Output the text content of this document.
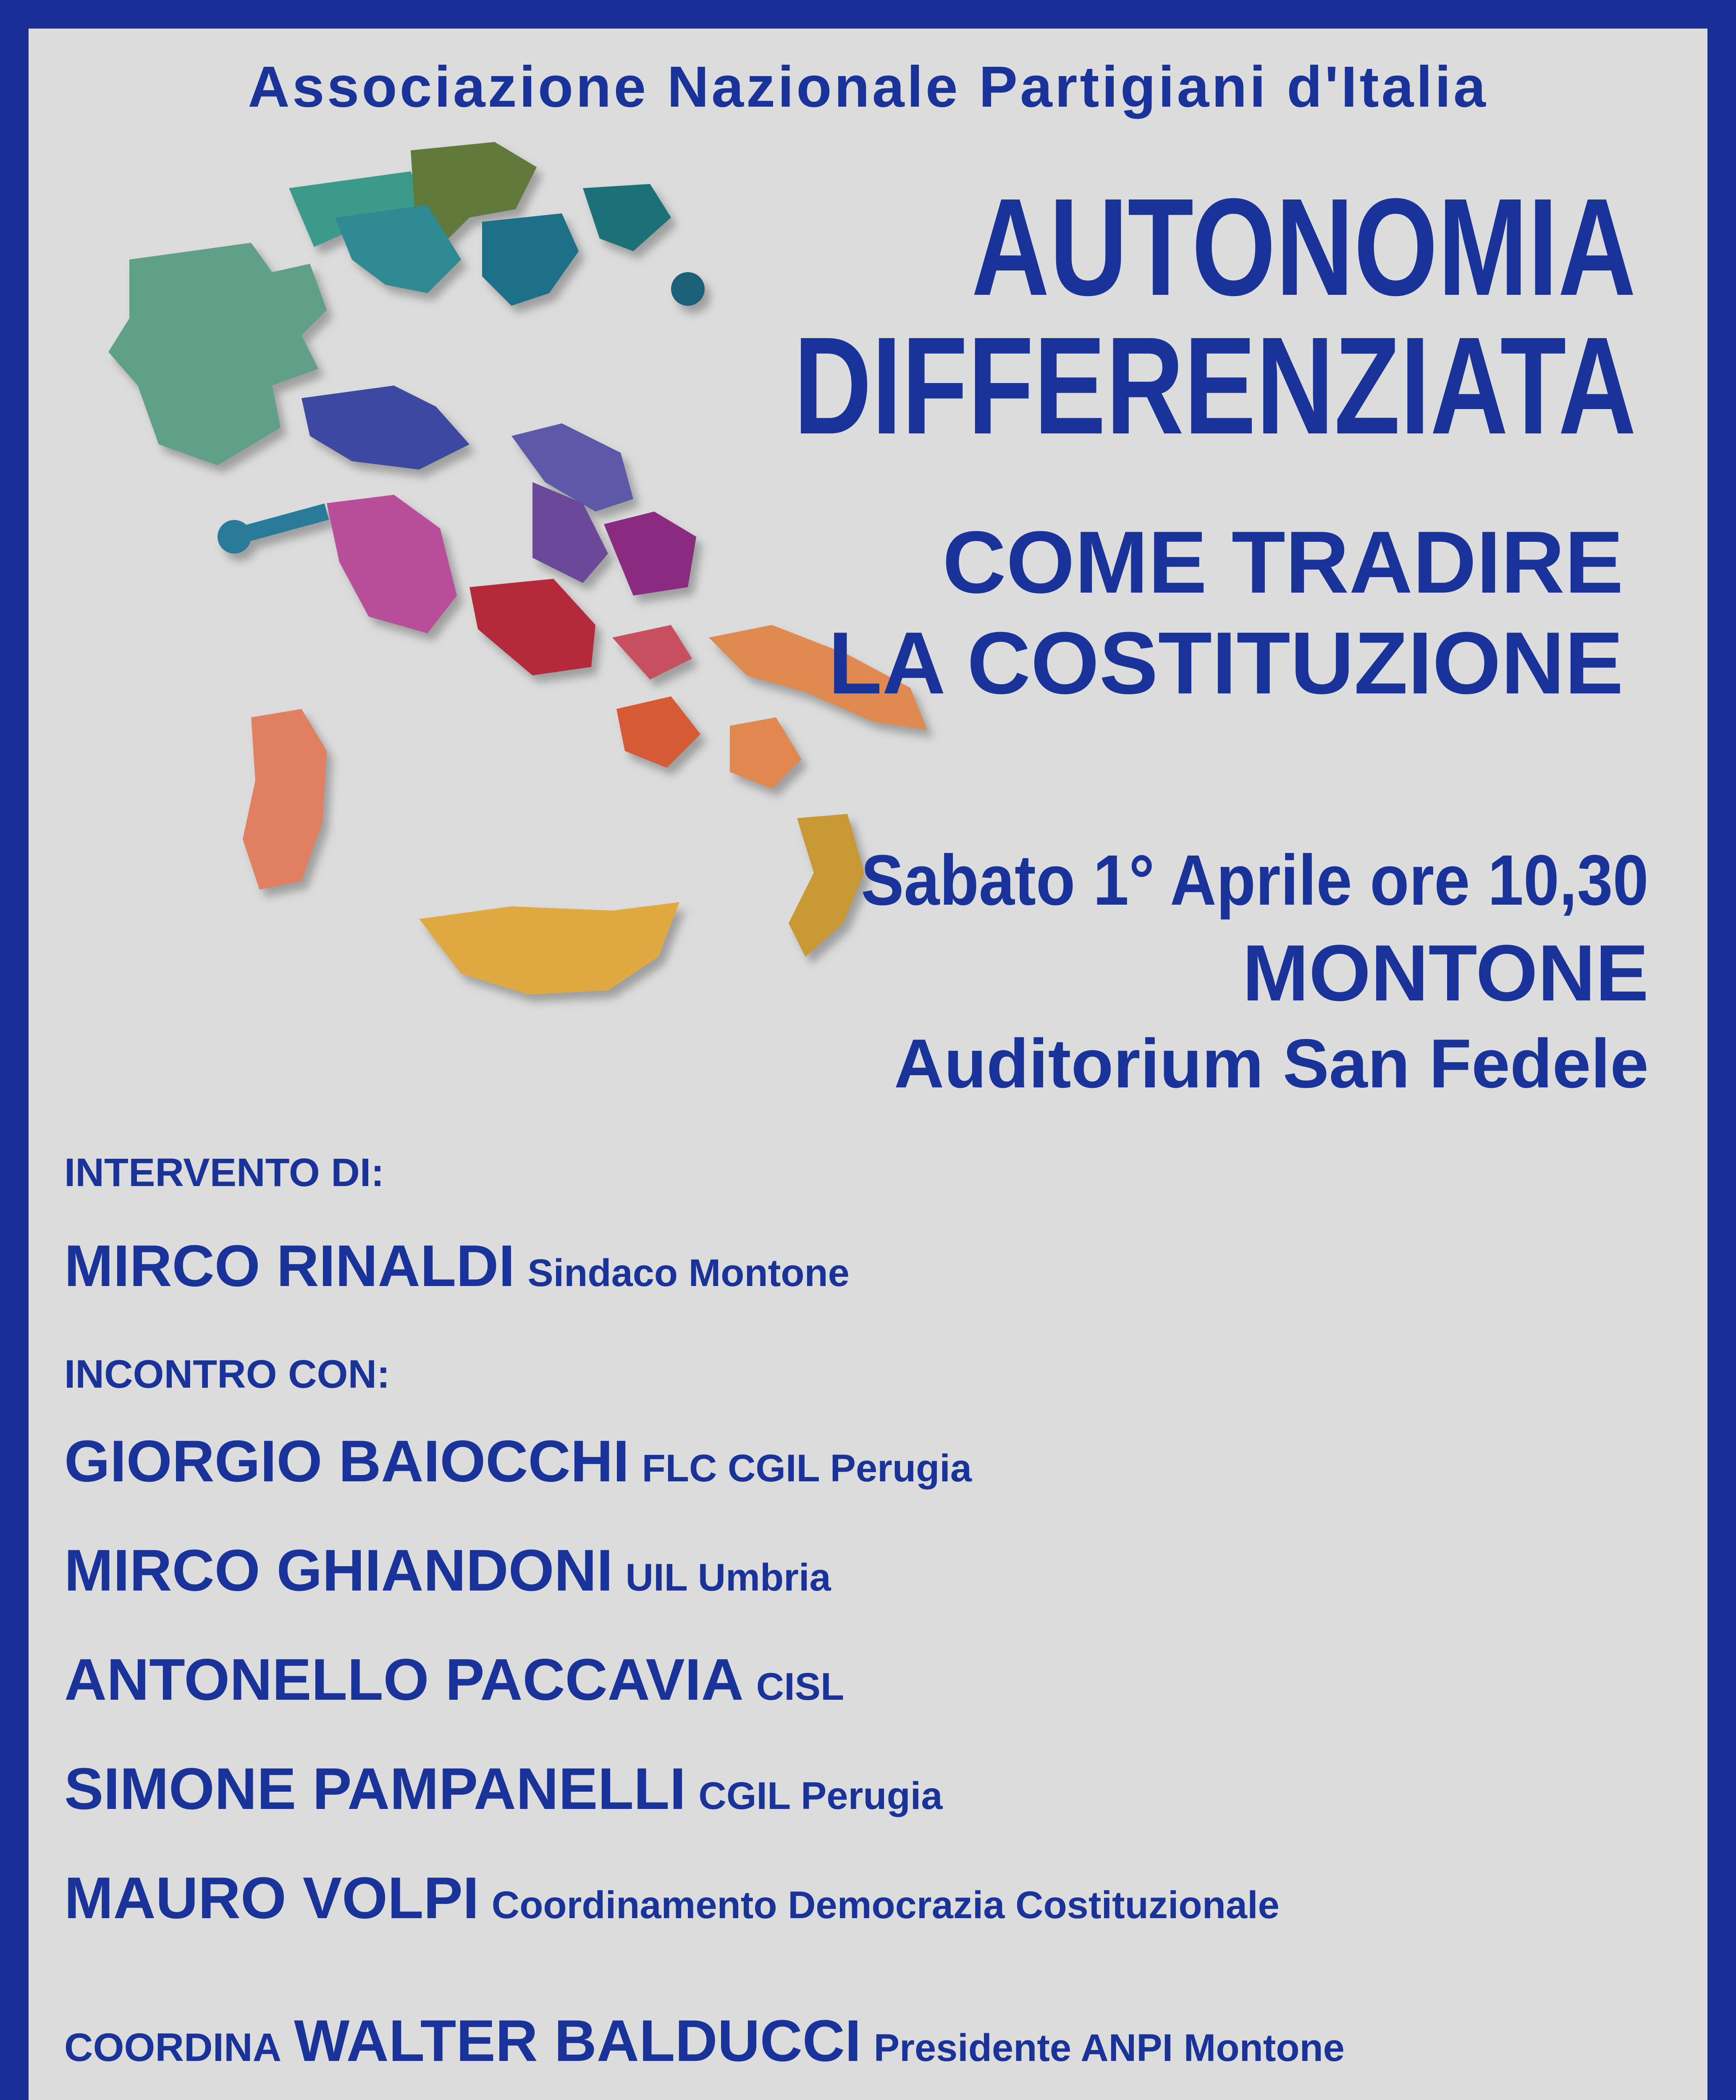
Associazione Nazionale Partigiani d'Italia
AUTONOMIA
DIFFERENZIATA
COME TRADIRE
LA COSTITUZIONE
Sabato 1° Aprile ore 10,30
MONTONE
Auditorium San Fedele
INTERVENTO DI:
MIRCO RINALDI Sindaco Montone
INCONTRO CON:
GIORGIO BAIOCCHI FLC CGIL Perugia
MIRCO GHIANDONI UIL Umbria
ANTONELLO PACCAVIA CISL
SIMONE PAMPANELLI CGIL Perugia
MAURO VOLPI Coordinamento Democrazia Costituzionale
COORDINA WALTER BALDUCCI Presidente ANPI Montone
